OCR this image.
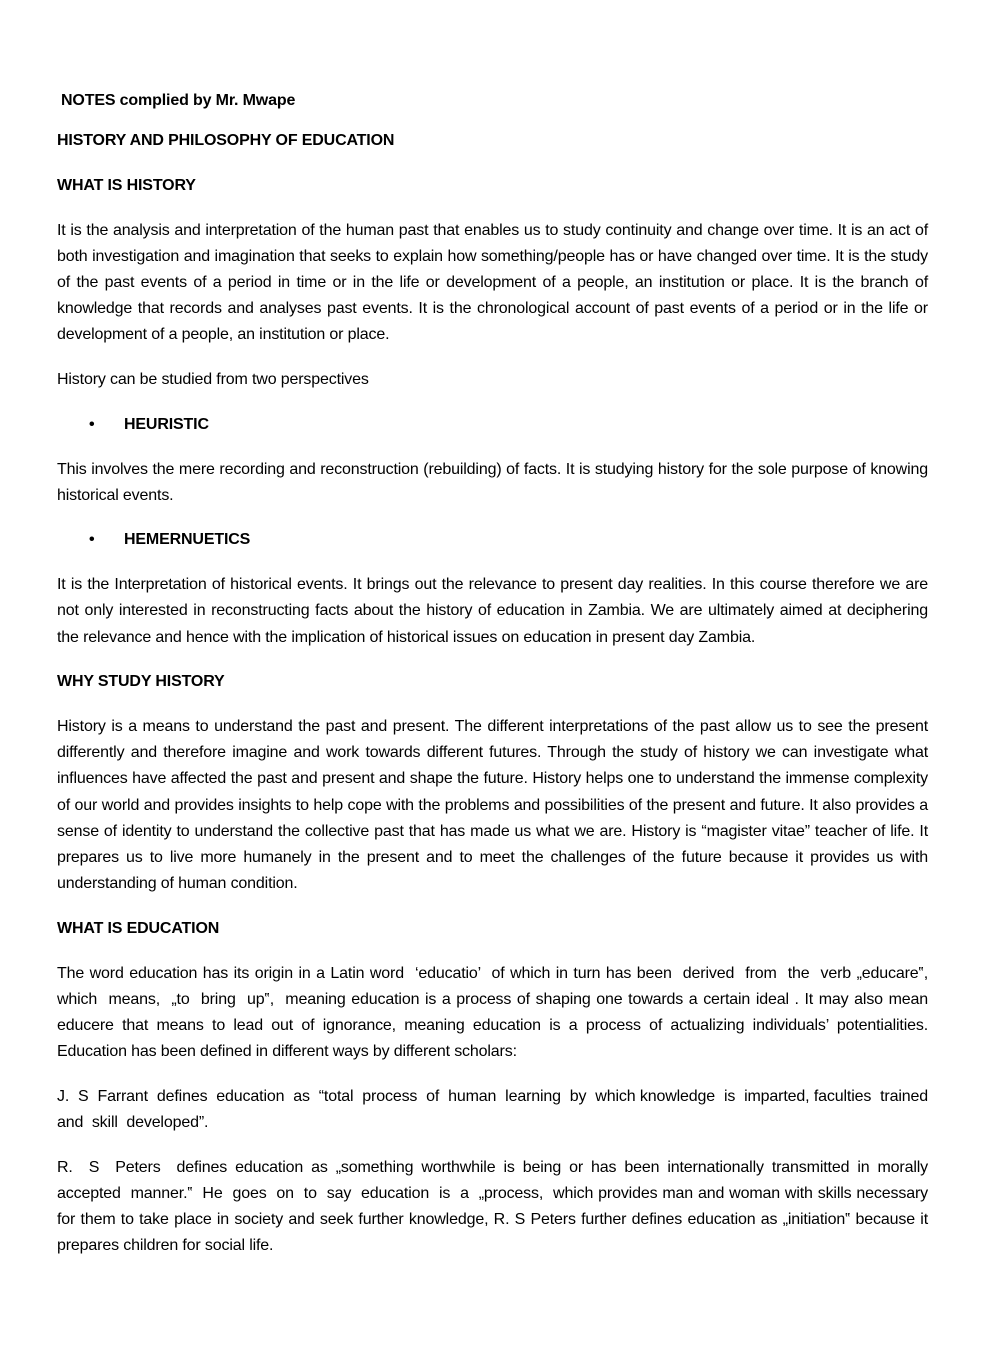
NOTES complied by Mr. Mwape

HISTORY AND PHILOSOPHY OF EDUCATION

WHAT IS HISTORY

It is the analysis and interpretation of the human past that enables us to study continuity and change over time. It is an act of both investigation and imagination that seeks to explain how something/people has or have changed over time. It is the study of the past events of a period in time or in the life or development of a people, an institution or place. It is the branch of knowledge that records and analyses past events. It is the chronological account of past events of a period or in the life or development of a people, an institution or place.

History can be studied from two perspectives

• HEURISTIC

This involves the mere recording and reconstruction (rebuilding) of facts. It is studying history for the sole purpose of knowing historical events.

• HEMERNUETICS

It is the Interpretation of historical events. It brings out the relevance to present day realities. In this course therefore we are not only interested in reconstructing facts about the history of education in Zambia. We are ultimately aimed at deciphering the relevance and hence with the implication of historical issues on education in present day Zambia.

WHY STUDY HISTORY

History is a means to understand the past and present. The different interpretations of the past allow us to see the present differently and therefore imagine and work towards different futures. Through the study of history we can investigate what influences have affected the past and present and shape the future. History helps one to understand the immense complexity of our world and provides insights to help cope with the problems and possibilities of the present and future. It also provides a sense of identity to understand the collective past that has made us what we are. History is “magister vitae” teacher of life. It prepares us to live more humanely in the present and to meet the challenges of the future because it provides us with understanding of human condition.

WHAT IS EDUCATION

The word education has its origin in a Latin word  ‘educatio’  of which in turn has been  derived  from  the  verb „educare‟,  which  means,  „to  bring  up‟,  meaning education is a process of shaping one towards a certain ideal . It may also mean educere that means to lead out of ignorance, meaning education is a process of actualizing individuals’ potentialities. Education has been defined in different ways by different scholars:

J.  S  Farrant  defines  education  as  “total  process  of  human  learning  by  which knowledge  is  imparted, faculties  trained  and  skill  developed”.

R.  S  Peters  defines education as „something worthwhile is being or has been internationally transmitted in morally  accepted  manner.‟  He  goes  on  to  say  education  is  a  „process,  which provides man and woman with skills necessary for them to take place in society and seek further knowledge, R. S Peters further defines education as „initiation‟ because it prepares children for social life.
